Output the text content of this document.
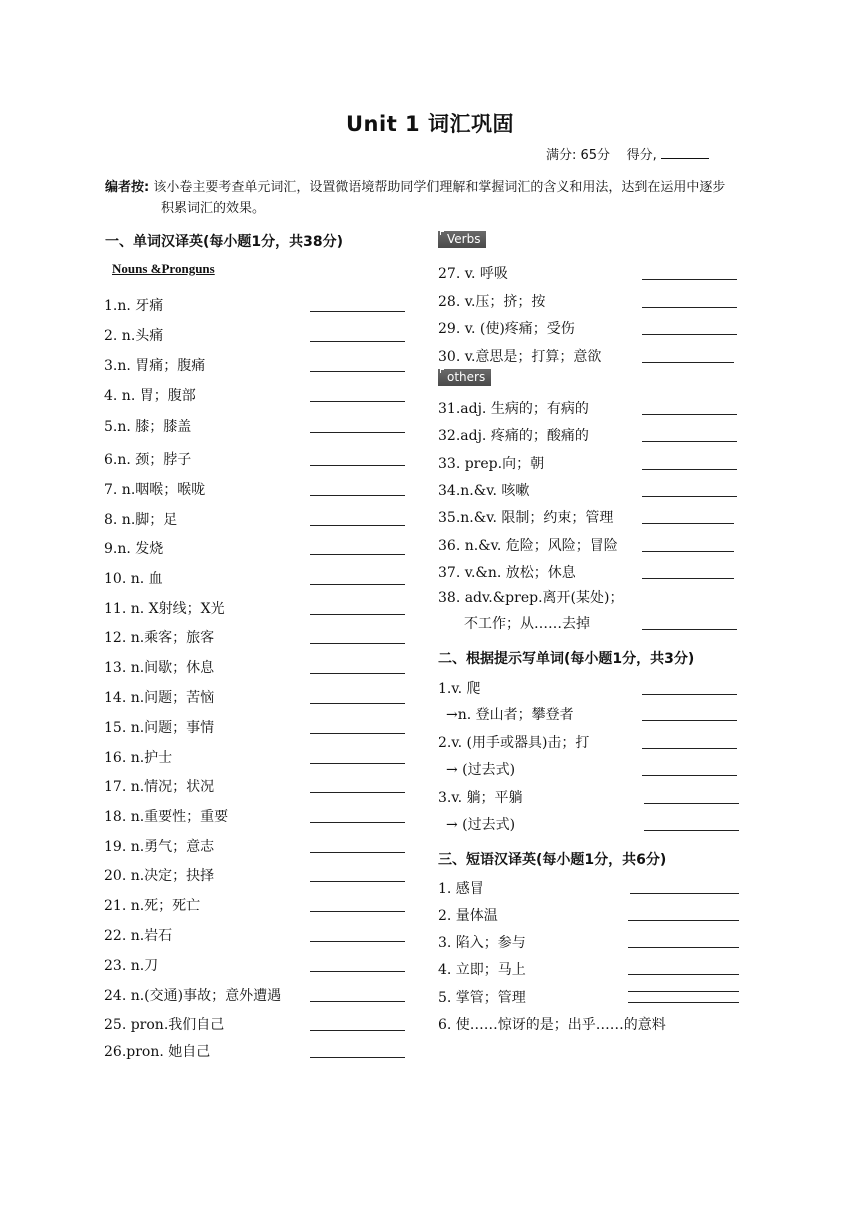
Unit 1 词汇巩固
满分: 65分 得分,
编者按: 该小卷主要考查单元词汇，设置微语境帮助同学们理解和掌握词汇的含义和用法，达到在运用中逐步积累词汇的效果。
一、单词汉译英(每小题1分，共38分)
Nouns &Pronguns
1.n. 牙痛
2. n.头痛
3.n. 胃痛；腹痛
4. n. 胃；腹部
5.n. 膝；膝盖
6.n. 颈；脖子
7. n.咽喉；喉咙
8. n.脚；足
9.n. 发烧
10. n. 血
11. n. X射线；X光
12. n.乘客；旅客
13. n.间歇；休息
14. n.问题；苦恼
15. n.问题；事情
16. n.护士
17. n.情况；状况
18. n.重要性；重要
19. n.勇气；意志
20. n.决定；抉择
21. n.死；死亡
22. n.岩石
23. n.刀
24. n.(交通)事故；意外遭遇
25. pron.我们自己
26.pron. 她自己
Verbs
27. v. 呼吸
28. v.压；挤；按
29. v. (使)疼痛；受伤
30. v.意思是；打算；意欲
others
31.adj. 生病的；有病的
32.adj. 疼痛的；酸痛的
33. prep.向；朝
34.n.&v. 咳嗽
35.n.&v. 限制；约束；管理
36. n.&v. 危险；风险；冒险
37. v.&n. 放松；休息
38. adv.&prep.离开(某处)；
不工作；从……去掉
二、根据提示写单词(每小题1分，共3分)
1.v. 爬
→n. 登山者；攀登者
2.v. (用手或器具)击；打
→ (过去式)
3.v. 躺；平躺
→ (过去式)
三、短语汉译英(每小题1分，共6分)
1. 感冒
2. 量体温
3. 陷入；参与
4. 立即；马上
5. 掌管；管理
6. 使……惊讶的是；出乎……的意料
